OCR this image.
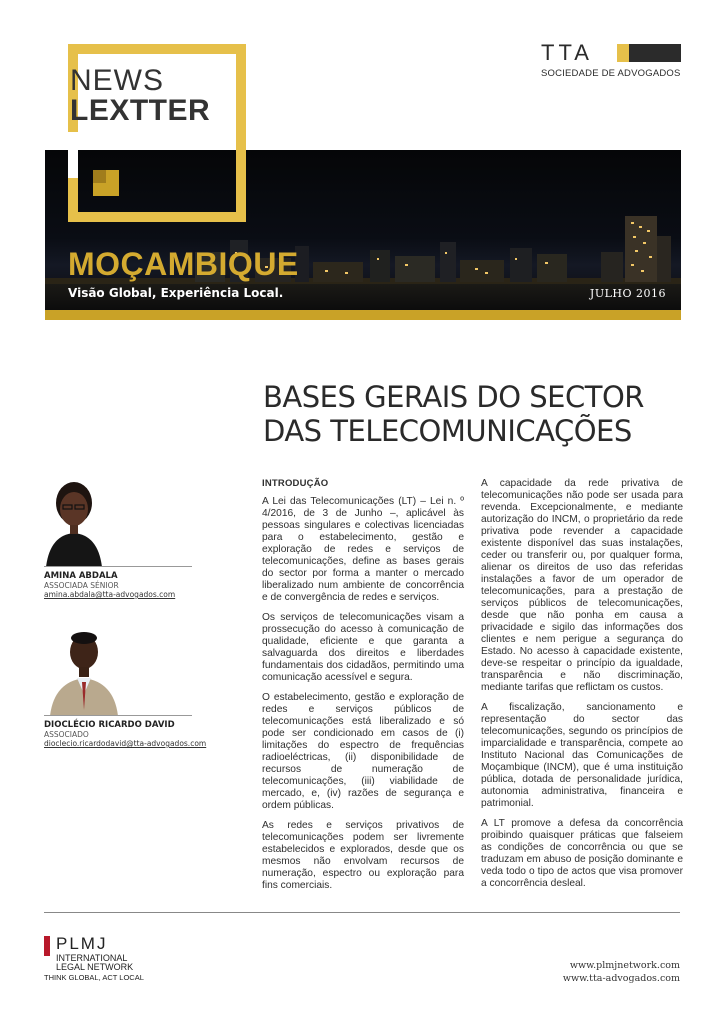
NEWS
LEXTTER
MOÇAMBIQUE
Visão Global, Experiência Local.	JULHO 2016
TTA
SOCIEDADE DE ADVOGADOS
BASES GERAIS DO SECTOR
DAS TELECOMUNICAÇÕES
AMINA ABDALA
ASSOCIADA SÉNIOR
amina.abdala@tta-advogados.com
DIOCLÉCIO RICARDO DAVID
ASSOCIADO
dioclecio.ricardodavid@tta-advogados.com
INTRODUÇÃO

A Lei das Telecomunicações (LT) – Lei n. º 4/2016, de 3 de Junho –, aplicável às pessoas singulares e colectivas licenciadas para o estabelecimento, gestão e exploração de redes e serviços de telecomunicações, define as bases gerais do sector por forma a manter o mercado liberalizado num ambiente de concorrência e de convergência de redes e serviços.

Os serviços de telecomunicações visam a prossecução do acesso à comunicação de qualidade, eficiente e que garanta a salvaguarda dos direitos e liberdades fundamentais dos cidadãos, permitindo uma comunicação acessível e segura.

O estabelecimento, gestão e exploração de redes e serviços públicos de telecomunicações está liberalizado e só pode ser condicionado em casos de (i) limitações do espectro de frequências radioeléctricas, (ii) disponibilidade de recursos de numeração de telecomunicações, (iii) viabilidade de mercado, e, (iv) razões de segurança e ordem públicas.

As redes e serviços privativos de telecomunicações podem ser livremente estabelecidos e explorados, desde que os mesmos não envolvam recursos de numeração, espectro ou exploração para fins comerciais.

A capacidade da rede privativa de telecomunicações não pode ser usada para revenda. Excepcionalmente, e mediante autorização do INCM, o proprietário da rede privativa pode revender a capacidade existente disponível das suas instalações, ceder ou transferir ou, por qualquer forma, alienar os direitos de uso das referidas instalações a favor de um operador de telecomunicações, para a prestação de serviços públicos de telecomunicações, desde que não ponha em causa a privacidade e sigilo das informações dos clientes e nem perigue a segurança do Estado. No acesso à capacidade existente, deve-se respeitar o princípio da igualdade, transparência e não discriminação, mediante tarifas que reflictam os custos.

A fiscalização, sancionamento e representação do sector das telecomunicações, segundo os princípios de imparcialidade e transparência, compete ao Instituto Nacional das Comunicações de Moçambique (INCM), que é uma instituição pública, dotada de personalidade jurídica, autonomia administrativa, financeira e patrimonial.

A LT promove a defesa da concorrência proibindo quaisquer práticas que falseiem as condições de concorrência ou que se traduzam em abuso de posição dominante e veda todo o tipo de actos que visa promover a concorrência desleal.

PLMJ
INTERNATIONAL
LEGAL NETWORK
THINK GLOBAL, ACT LOCAL
www.plmjnetwork.com
www.tta-advogados.com
